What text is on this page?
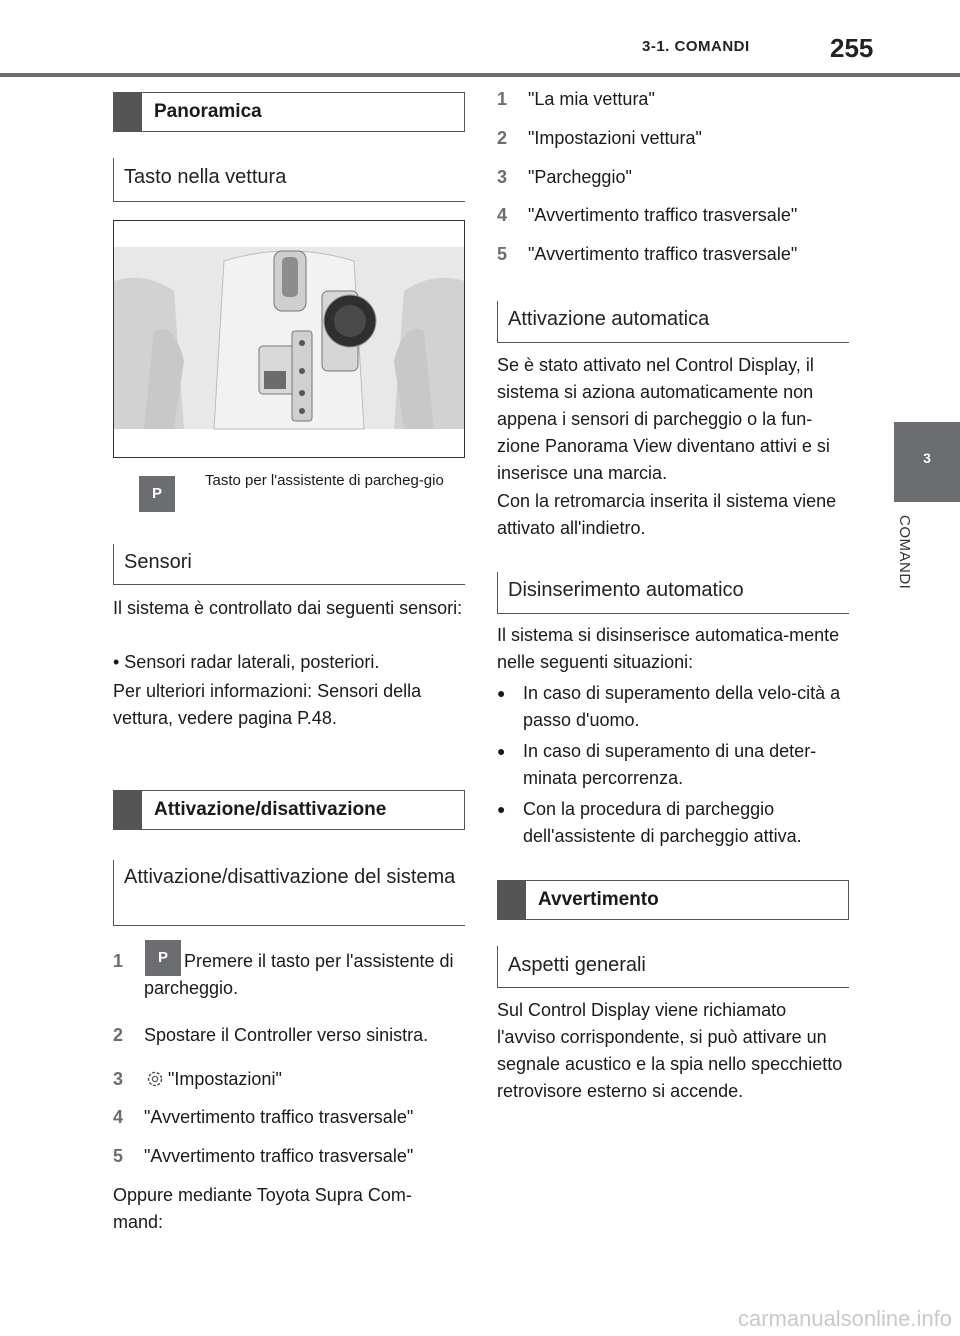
3-1. COMANDI	255
3
COMANDI
Panoramica
Tasto nella vettura
P
Tasto per l'assistente di parcheg-gio
Sensori
Il sistema è controllato dai seguenti sensori:
• Sensori radar laterali, posteriori.
Per ulteriori informazioni: Sensori della vettura, vedere pagina P.48.
Attivazione/disattivazione
Attivazione/disattivazione del sistema
1	P Premere il tasto per l'assistente di parcheggio.
2 Spostare il Controller verso sinistra.
3 "Impostazioni"
4 "Avvertimento traffico trasversale"
5 "Avvertimento traffico trasversale"
Oppure mediante Toyota Supra Com-mand:
1 "La mia vettura"
2 "Impostazioni vettura"
3 "Parcheggio"
4 "Avvertimento traffico trasversale"
5 "Avvertimento traffico trasversale"
Attivazione automatica
Se è stato attivato nel Control Display, il sistema si aziona automaticamente non appena i sensori di parcheggio o la fun-zione Panorama View diventano attivi e si inserisce una marcia.
Con la retromarcia inserita il sistema viene attivato all'indietro.
Disinserimento automatico
Il sistema si disinserisce automatica-mente nelle seguenti situazioni:
● In caso di superamento della velo-cità a passo d'uomo.
● In caso di superamento di una deter-minata percorrenza.
● Con la procedura di parcheggio dell'assistente di parcheggio attiva.
Avvertimento
Aspetti generali
Sul Control Display viene richiamato l'avviso corrispondente, si può attivare un segnale acustico e la spia nello specchietto retrovisore esterno si accende.
carmanualsonline.info
